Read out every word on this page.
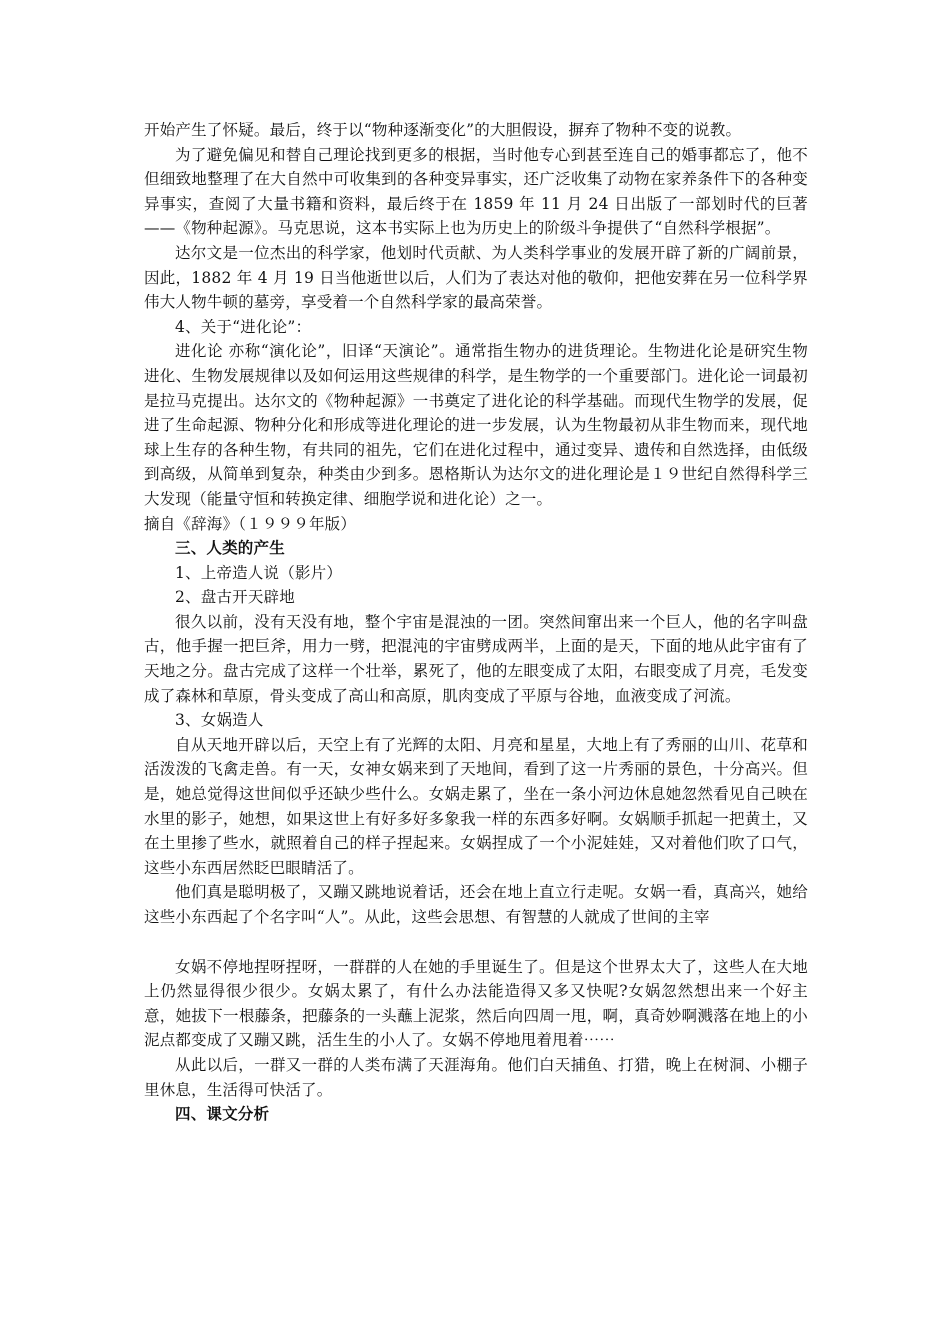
开始产生了怀疑。最后，终于以“物种逐渐变化”的大胆假设，摒弃了物种不变的说教。

为了避免偏见和替自己理论找到更多的根据，当时他专心到甚至连自己的婚事都忘了，他不但细致地整理了在大自然中可收集到的各种变异事实，还广泛收集了动物在家养条件下的各种变异事实，查阅了大量书籍和资料，最后终于在 1859 年 11 月 24 日出版了一部划时代的巨著——《物种起源》。马克思说，这本书实际上也为历史上的阶级斗争提供了“自然科学根据”。

达尔文是一位杰出的科学家，他划时代贡献、为人类科学事业的发展开辟了新的广阔前景，因此，1882 年 4 月 19 日当他逝世以后，人们为了表达对他的敬仰，把他安葬在另一位科学界伟大人物牛顿的墓旁，享受着一个自然科学家的最高荣誉。

4、关于“进化论”：

进化论 亦称“演化论”，旧译“天演论”。通常指生物办的进货理论。生物进化论是研究生物进化、生物发展规律以及如何运用这些规律的科学，是生物学的一个重要部门。进化论一词最初是拉马克提出。达尔文的《物种起源》一书奠定了进化论的科学基础。而现代生物学的发展，促进了生命起源、物种分化和形成等进化理论的进一步发展，认为生物最初从非生物而来，现代地球上生存的各种生物，有共同的祖先，它们在进化过程中，通过变异、遗传和自然选择，由低级到高级，从简单到复杂，种类由少到多。恩格斯认为达尔文的进化理论是１９世纪自然得科学三大发现（能量守恒和转换定律、细胞学说和进化论）之一。

摘自《辞海》（１９９９年版）

三、人类的产生

1、上帝造人说（影片）

2、盘古开天辟地

很久以前，没有天没有地，整个宇宙是混浊的一团。突然间窜出来一个巨人，他的名字叫盘古，他手握一把巨斧，用力一劈，把混沌的宇宙劈成两半，上面的是天，下面的地从此宇宙有了天地之分。盘古完成了这样一个壮举，累死了，他的左眼变成了太阳，右眼变成了月亮，毛发变成了森林和草原，骨头变成了高山和高原，肌肉变成了平原与谷地，血液变成了河流。

3、女娲造人

自从天地开辟以后，天空上有了光辉的太阳、月亮和星星，大地上有了秀丽的山川、花草和活泼泼的飞禽走兽。有一天，女神女娲来到了天地间，看到了这一片秀丽的景色，十分高兴。但是，她总觉得这世间似乎还缺少些什么。女娲走累了，坐在一条小河边休息她忽然看见自己映在水里的影子，她想，如果这世上有好多好多象我一样的东西多好啊。女娲顺手抓起一把黄土，又在土里掺了些水，就照着自己的样子捏起来。女娲捏成了一个小泥娃娃，又对着他们吹了口气，这些小东西居然眨巴眼睛活了。

他们真是聪明极了，又蹦又跳地说着话，还会在地上直立行走呢。女娲一看，真高兴，她给这些小东西起了个名字叫“人”。从此，这些会思想、有智慧的人就成了世间的主宰

女娲不停地捏呀捏呀，一群群的人在她的手里诞生了。但是这个世界太大了，这些人在大地上仍然显得很少很少。女娲太累了，有什么办法能造得又多又快呢?女娲忽然想出来一个好主意，她拔下一根藤条，把藤条的一头蘸上泥浆，然后向四周一甩，啊，真奇妙啊溅落在地上的小泥点都变成了又蹦又跳，活生生的小人了。女娲不停地甩着甩着⋯⋯

从此以后，一群又一群的人类布满了天涯海角。他们白天捕鱼、打猎，晚上在树洞、小棚子里休息，生活得可快活了。

四、课文分析
